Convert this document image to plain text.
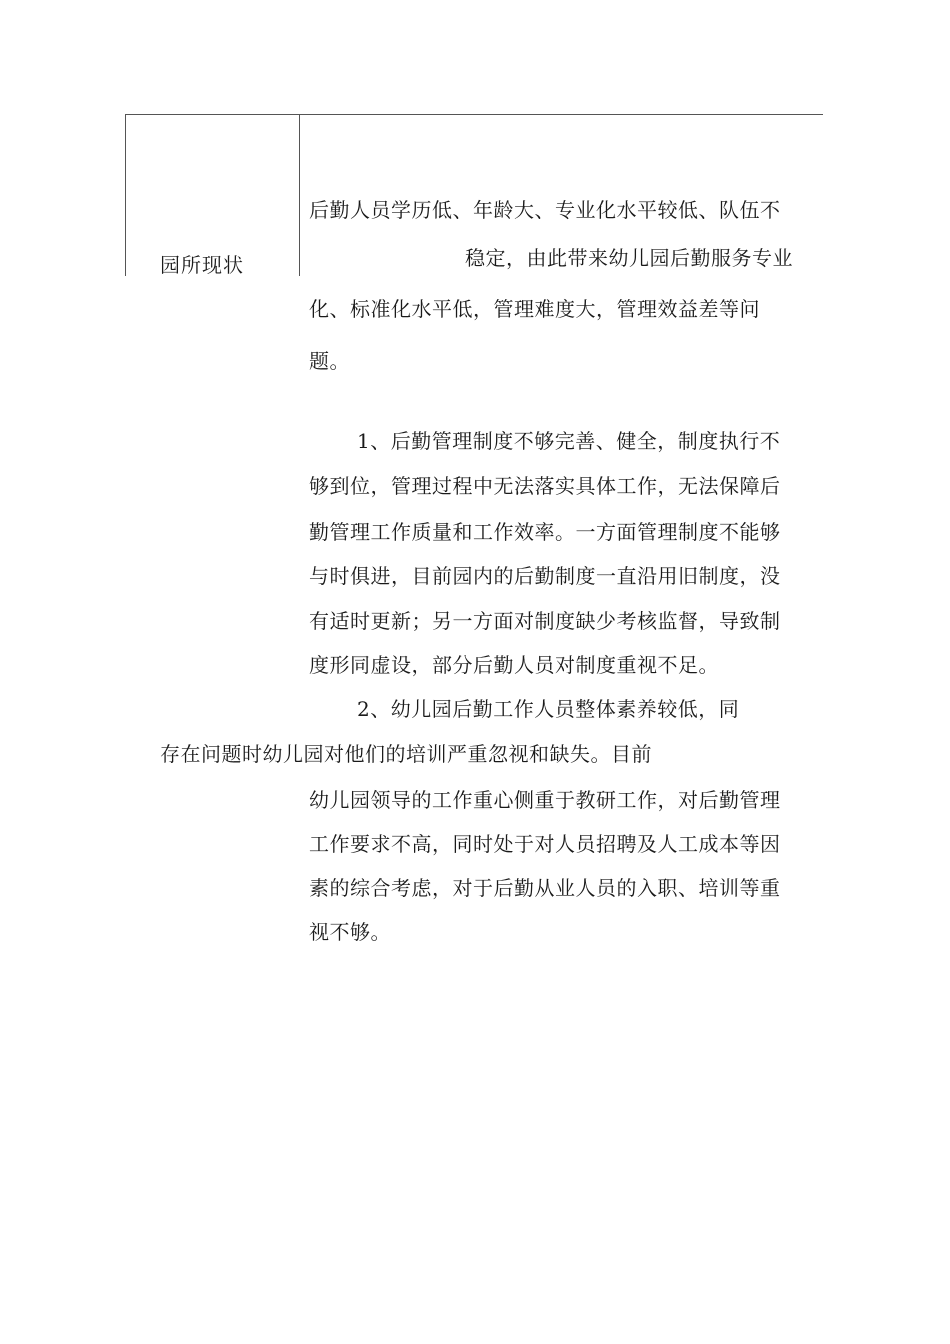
园所现状
后勤人员学历低、年龄大、专业化水平较低、队伍不
稳定，由此带来幼儿园后勤服务专业
化、标准化水平低，管理难度大，管理效益差等问
题。
1、后勤管理制度不够完善、健全，制度执行不
够到位，管理过程中无法落实具体工作，无法保障后
勤管理工作质量和工作效率。一方面管理制度不能够
与时俱进，目前园内的后勤制度一直沿用旧制度，没
有适时更新；另一方面对制度缺少考核监督，导致制
度形同虚设，部分后勤人员对制度重视不足。
2、幼儿园后勤工作人员整体素养较低，同
存在问题时幼儿园对他们的培训严重忽视和缺失。目前
幼儿园领导的工作重心侧重于教研工作，对后勤管理
工作要求不高，同时处于对人员招聘及人工成本等因
素的综合考虑，对于后勤从业人员的入职、培训等重
视不够。
